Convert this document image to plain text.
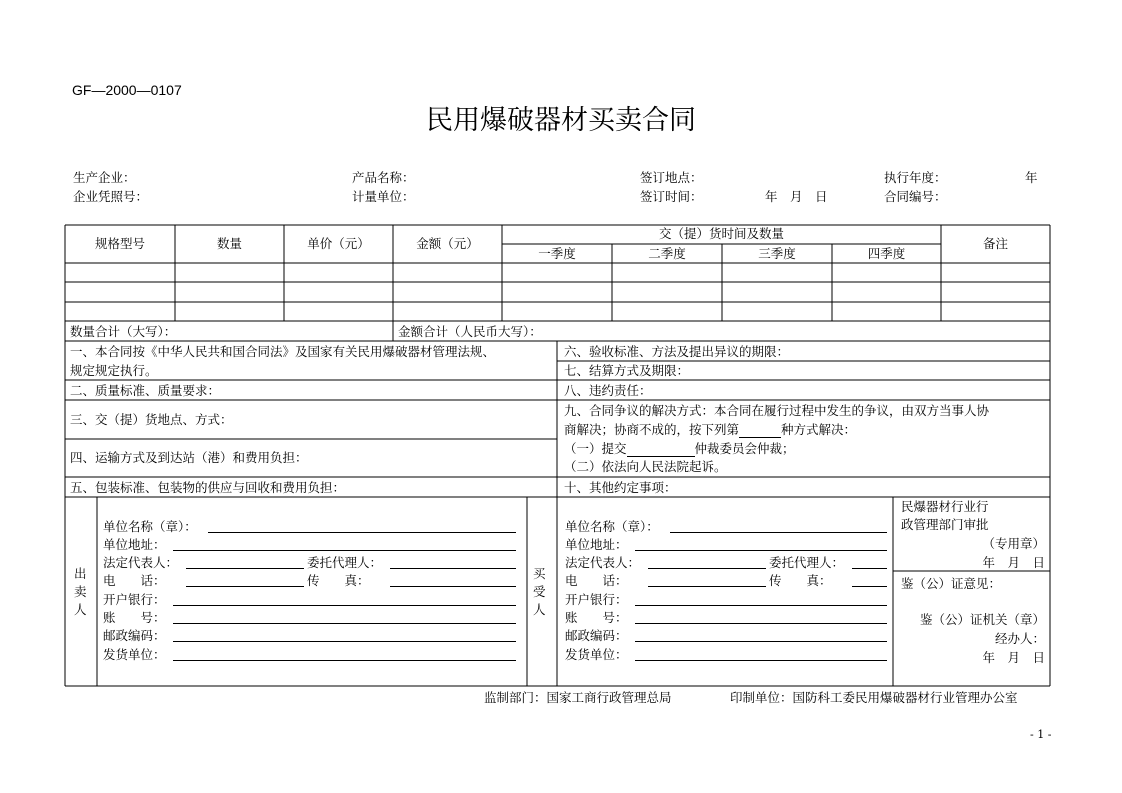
GF—2000—0107
民用爆破器材买卖合同
生产企业：	产品名称：	签订地点：	执行年度：	年
企业凭照号：	计量单位：	签订时间：	年　月　日	合同编号：
规格型号	数量	单价（元）	金额（元）
交（提）货时间及数量
备注
一季度	二季度	三季度	四季度
数量合计（大写）：	金额合计（人民币大写）：
一、本合同按《中华人民共和国合同法》及国家有关民用爆破器材管理法规、
规定规定执行。
二、质量标准、质量要求：
三、交（提）货地点、方式：
四、运输方式及到达站（港）和费用负担：
五、包装标准、包装物的供应与回收和费用负担：
六、验收标准、方法及提出异议的期限：
七、结算方式及期限：
八、违约责任：
九、合同争议的解决方式：本合同在履行过程中发生的争议，由双方当事人协
商解决；协商不成的，按下列第	种方式解决：
（一）提交	仲裁委员会仲裁；
（二）依法向人民法院起诉。
十、其他约定事项：
出卖人
买受人
单位名称（章）：
单位地址：
法定代表人：	委托代理人：
电　　话：	传　　真：
开户银行：
账　　号：
邮政编码：
发货单位：
单位名称（章）：
单位地址：
法定代表人：	委托代理人：
电　　话：	传　　真：
开户银行：
账　　号：
邮政编码：
发货单位：
民爆器材行业行
政管理部门审批
（专用章）
年　月　日
鉴（公）证意见：
鉴（公）证机关（章）
经办人：
年　月　日
监制部门：国家工商行政管理总局	印制单位：国防科工委民用爆破器材行业管理办公室
- 1 -
